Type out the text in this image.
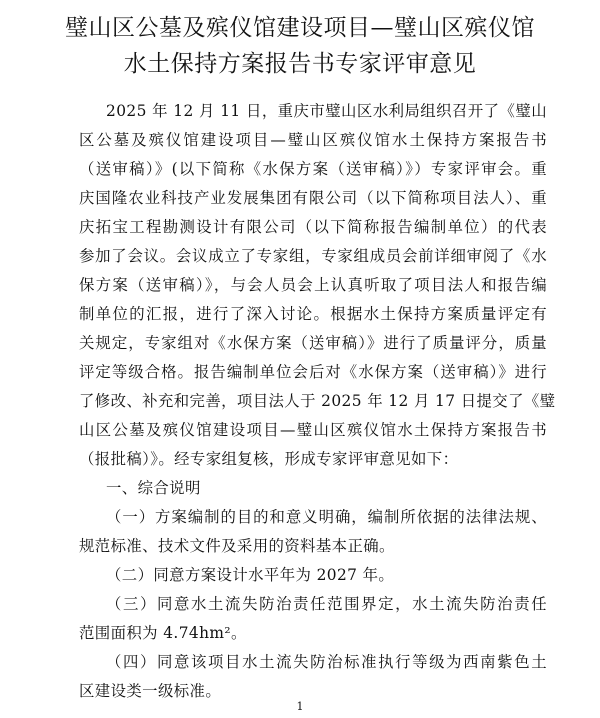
璧山区公墓及殡仪馆建设项目—璧山区殡仪馆
水土保持方案报告书专家评审意见
2025 年 12 月 11 日，重庆市璧山区水利局组织召开了《璧山
区公墓及殡仪馆建设项目—璧山区殡仪馆水土保持方案报告书
（送审稿）》(以下简称《水保方案（送审稿）》）专家评审会。重
庆国隆农业科技产业发展集团有限公司（以下简称项目法人）、重
庆拓宝工程勘测设计有限公司（以下简称报告编制单位）的代表
参加了会议。会议成立了专家组，专家组成员会前详细审阅了《水
保方案（送审稿）》，与会人员会上认真听取了项目法人和报告编
制单位的汇报，进行了深入讨论。根据水土保持方案质量评定有
关规定，专家组对《水保方案（送审稿）》进行了质量评分，质量
评定等级合格。报告编制单位会后对《水保方案（送审稿）》进行
了修改、补充和完善，项目法人于 2025 年 12 月 17 日提交了《璧
山区公墓及殡仪馆建设项目—璧山区殡仪馆水土保持方案报告书
（报批稿）》。经专家组复核，形成专家评审意见如下：
一、综合说明
（一）方案编制的目的和意义明确，编制所依据的法律法规、
规范标准、技术文件及采用的资料基本正确。
（二）同意方案设计水平年为 2027 年。
（三）同意水土流失防治责任范围界定，水土流失防治责任
范围面积为 4.74hm²。
（四）同意该项目水土流失防治标准执行等级为西南紫色土
区建设类一级标准。
1
